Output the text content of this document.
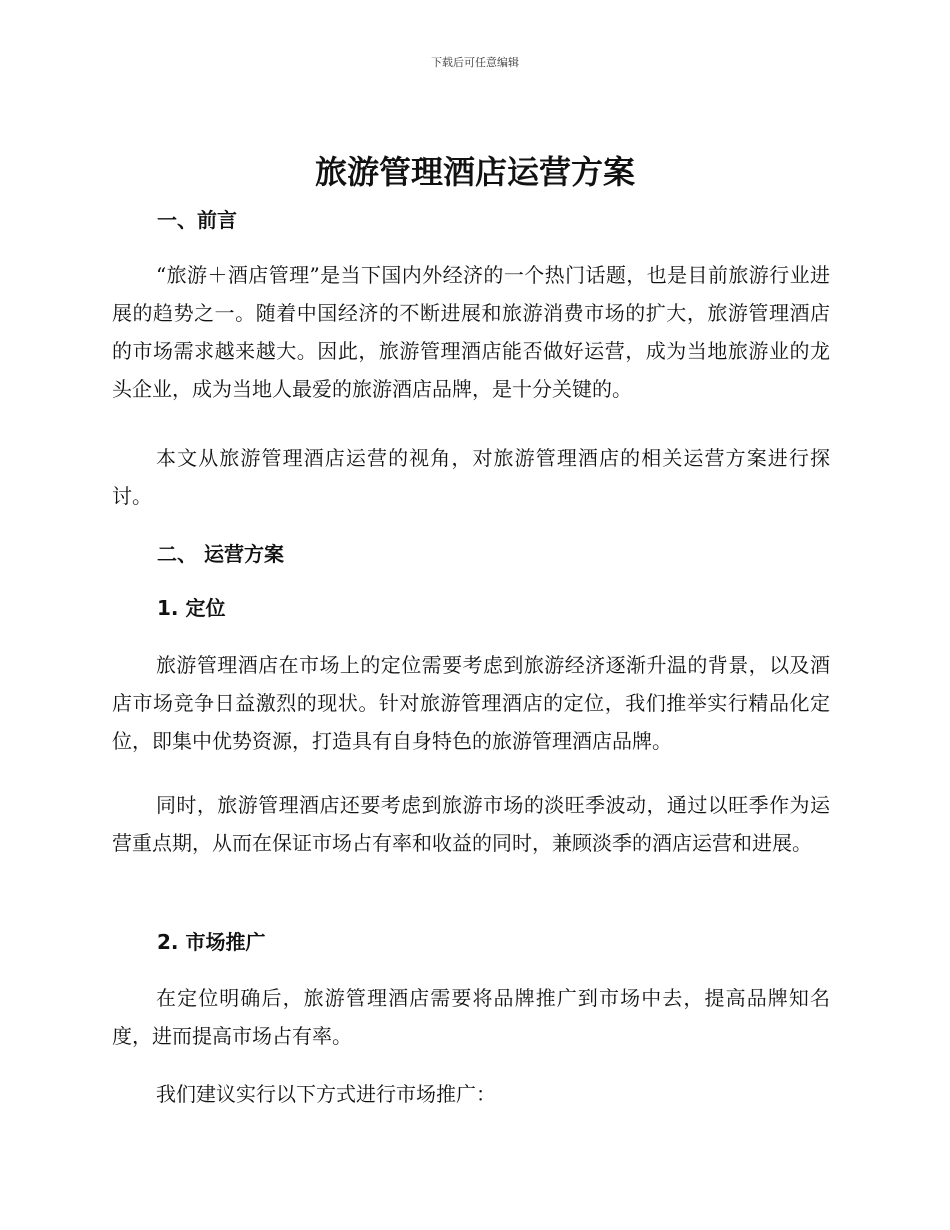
下载后可任意编辑
旅游管理酒店运营方案
一、前言
“旅游＋酒店管理”是当下国内外经济的一个热门话题，也是目前旅游行业进展的趋势之一。随着中国经济的不断进展和旅游消费市场的扩大，旅游管理酒店的市场需求越来越大。因此，旅游管理酒店能否做好运营，成为当地旅游业的龙头企业，成为当地人最爱的旅游酒店品牌，是十分关键的。
本文从旅游管理酒店运营的视角，对旅游管理酒店的相关运营方案进行探讨。
二、 运营方案
1. 定位
旅游管理酒店在市场上的定位需要考虑到旅游经济逐渐升温的背景，以及酒店市场竞争日益激烈的现状。针对旅游管理酒店的定位，我们推举实行精品化定位，即集中优势资源，打造具有自身特色的旅游管理酒店品牌。
同时，旅游管理酒店还要考虑到旅游市场的淡旺季波动，通过以旺季作为运营重点期，从而在保证市场占有率和收益的同时，兼顾淡季的酒店运营和进展。
2. 市场推广
在定位明确后，旅游管理酒店需要将品牌推广到市场中去，提高品牌知名度，进而提高市场占有率。
我们建议实行以下方式进行市场推广：
